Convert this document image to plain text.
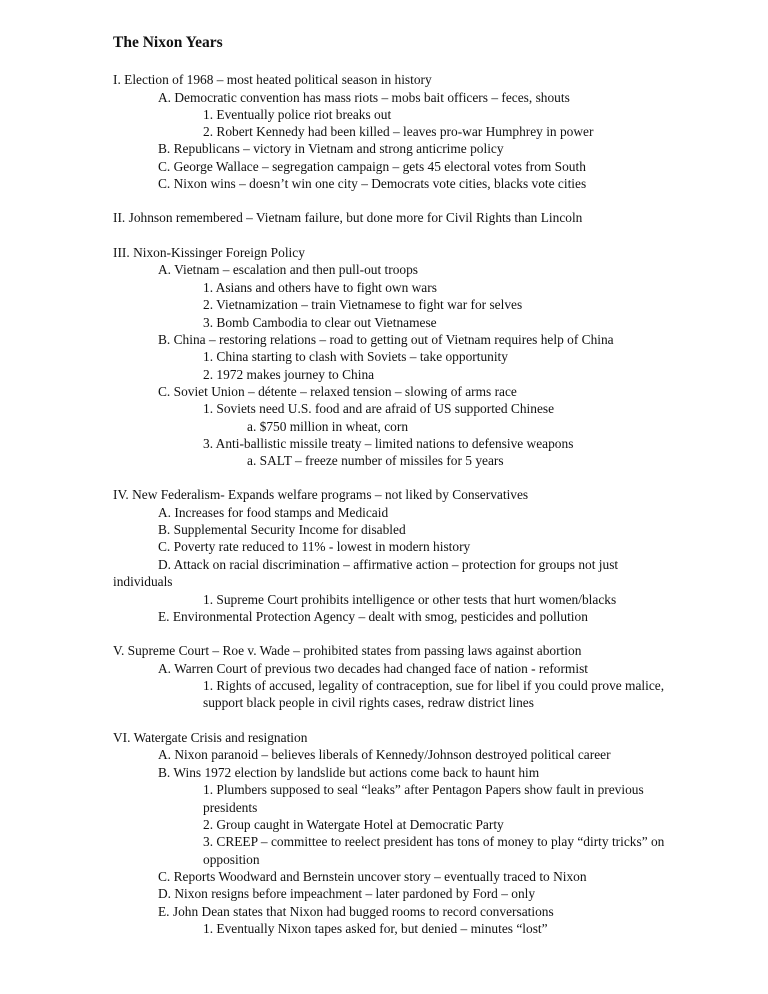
The Nixon Years
I. Election of 1968 – most heated political season in history
A. Democratic convention has mass riots – mobs bait officers – feces, shouts
1. Eventually police riot breaks out
2. Robert Kennedy had been killed – leaves pro-war Humphrey in power
B. Republicans – victory in Vietnam and strong anticrime policy
C. George Wallace – segregation campaign – gets 45 electoral votes from South
C. Nixon wins – doesn’t win one city – Democrats vote cities, blacks vote cities
II. Johnson remembered – Vietnam failure, but done more for Civil Rights than Lincoln
III. Nixon-Kissinger Foreign Policy
A. Vietnam – escalation and then pull-out troops
1. Asians and others have to fight own wars
2. Vietnamization – train Vietnamese to fight war for selves
3. Bomb Cambodia to clear out Vietnamese
B. China – restoring relations – road to getting out of Vietnam requires help of China
1. China starting to clash with Soviets – take opportunity
2. 1972 makes journey to China
C. Soviet Union – détente – relaxed tension – slowing of arms race
1. Soviets need U.S. food and are afraid of US supported Chinese
a. $750 million in wheat, corn
3. Anti-ballistic missile treaty – limited nations to defensive weapons
a. SALT – freeze number of missiles for 5 years
IV. New Federalism- Expands welfare programs – not liked by Conservatives
A. Increases for food stamps and Medicaid
B. Supplemental Security Income for disabled
C. Poverty rate reduced to 11% - lowest in modern history
D. Attack on racial discrimination – affirmative action – protection for groups not just
individuals
1. Supreme Court prohibits intelligence or other tests that hurt women/blacks
E. Environmental Protection Agency – dealt with smog, pesticides and pollution
V. Supreme Court – Roe v. Wade – prohibited states from passing laws against abortion
A. Warren Court of previous two decades had changed face of nation - reformist
1. Rights of accused, legality of contraception, sue for libel if you could prove malice,
support black people in civil rights cases, redraw district lines
VI. Watergate Crisis and resignation
A. Nixon paranoid – believes liberals of Kennedy/Johnson destroyed political career
B. Wins 1972 election by landslide but actions come back to haunt him
1. Plumbers supposed to seal “leaks” after Pentagon Papers show fault in previous
presidents
2. Group caught in Watergate Hotel at Democratic Party
3. CREEP – committee to reelect president has tons of money to play “dirty tricks” on
opposition
C. Reports Woodward and Bernstein uncover story – eventually traced to Nixon
D. Nixon resigns before impeachment – later pardoned by Ford – only
E. John Dean states that Nixon had bugged rooms to record conversations
1. Eventually Nixon tapes asked for, but denied – minutes “lost”
